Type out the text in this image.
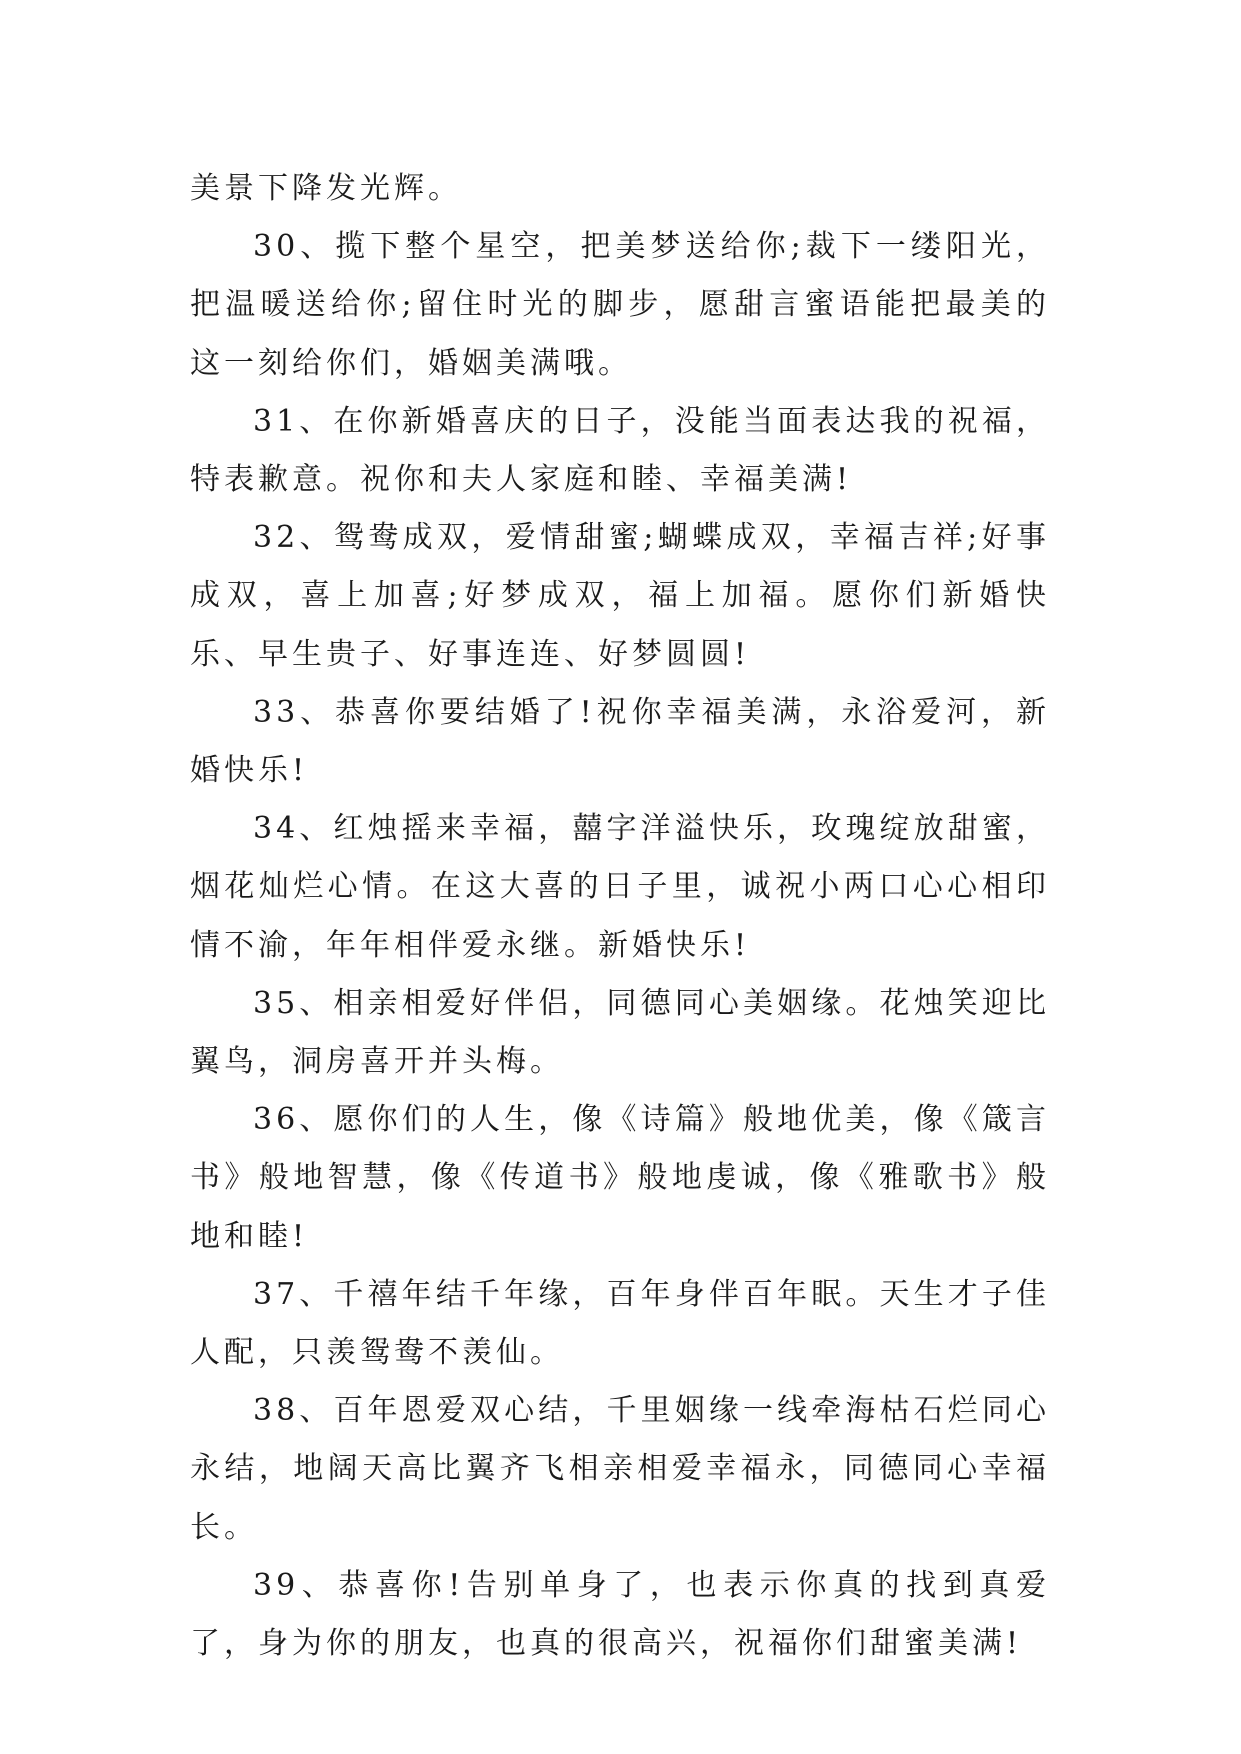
美景下降发光辉。

30、揽下整个星空，把美梦送给你;裁下一缕阳光，把温暖送给你;留住时光的脚步，愿甜言蜜语能把最美的这一刻给你们，婚姻美满哦。

31、在你新婚喜庆的日子，没能当面表达我的祝福，特表歉意。祝你和夫人家庭和睦、幸福美满!

32、鸳鸯成双，爱情甜蜜;蝴蝶成双，幸福吉祥;好事成双，喜上加喜;好梦成双，福上加福。愿你们新婚快乐、早生贵子、好事连连、好梦圆圆!

33、恭喜你要结婚了!祝你幸福美满，永浴爱河，新婚快乐!

34、红烛摇来幸福，囍字洋溢快乐，玫瑰绽放甜蜜，烟花灿烂心情。在这大喜的日子里，诚祝小两口心心相印情不渝，年年相伴爱永继。新婚快乐!

35、相亲相爱好伴侣，同德同心美姻缘。花烛笑迎比翼鸟，洞房喜开并头梅。

36、愿你们的人生，像《诗篇》般地优美，像《箴言书》般地智慧，像《传道书》般地虔诚，像《雅歌书》般地和睦!

37、千禧年结千年缘，百年身伴百年眠。天生才子佳人配，只羡鸳鸯不羡仙。

38、百年恩爱双心结，千里姻缘一线牵海枯石烂同心永结，地阔天高比翼齐飞相亲相爱幸福永，同德同心幸福长。

39、恭喜你!告别单身了，也表示你真的找到真爱了，身为你的朋友，也真的很高兴，祝福你们甜蜜美满!
